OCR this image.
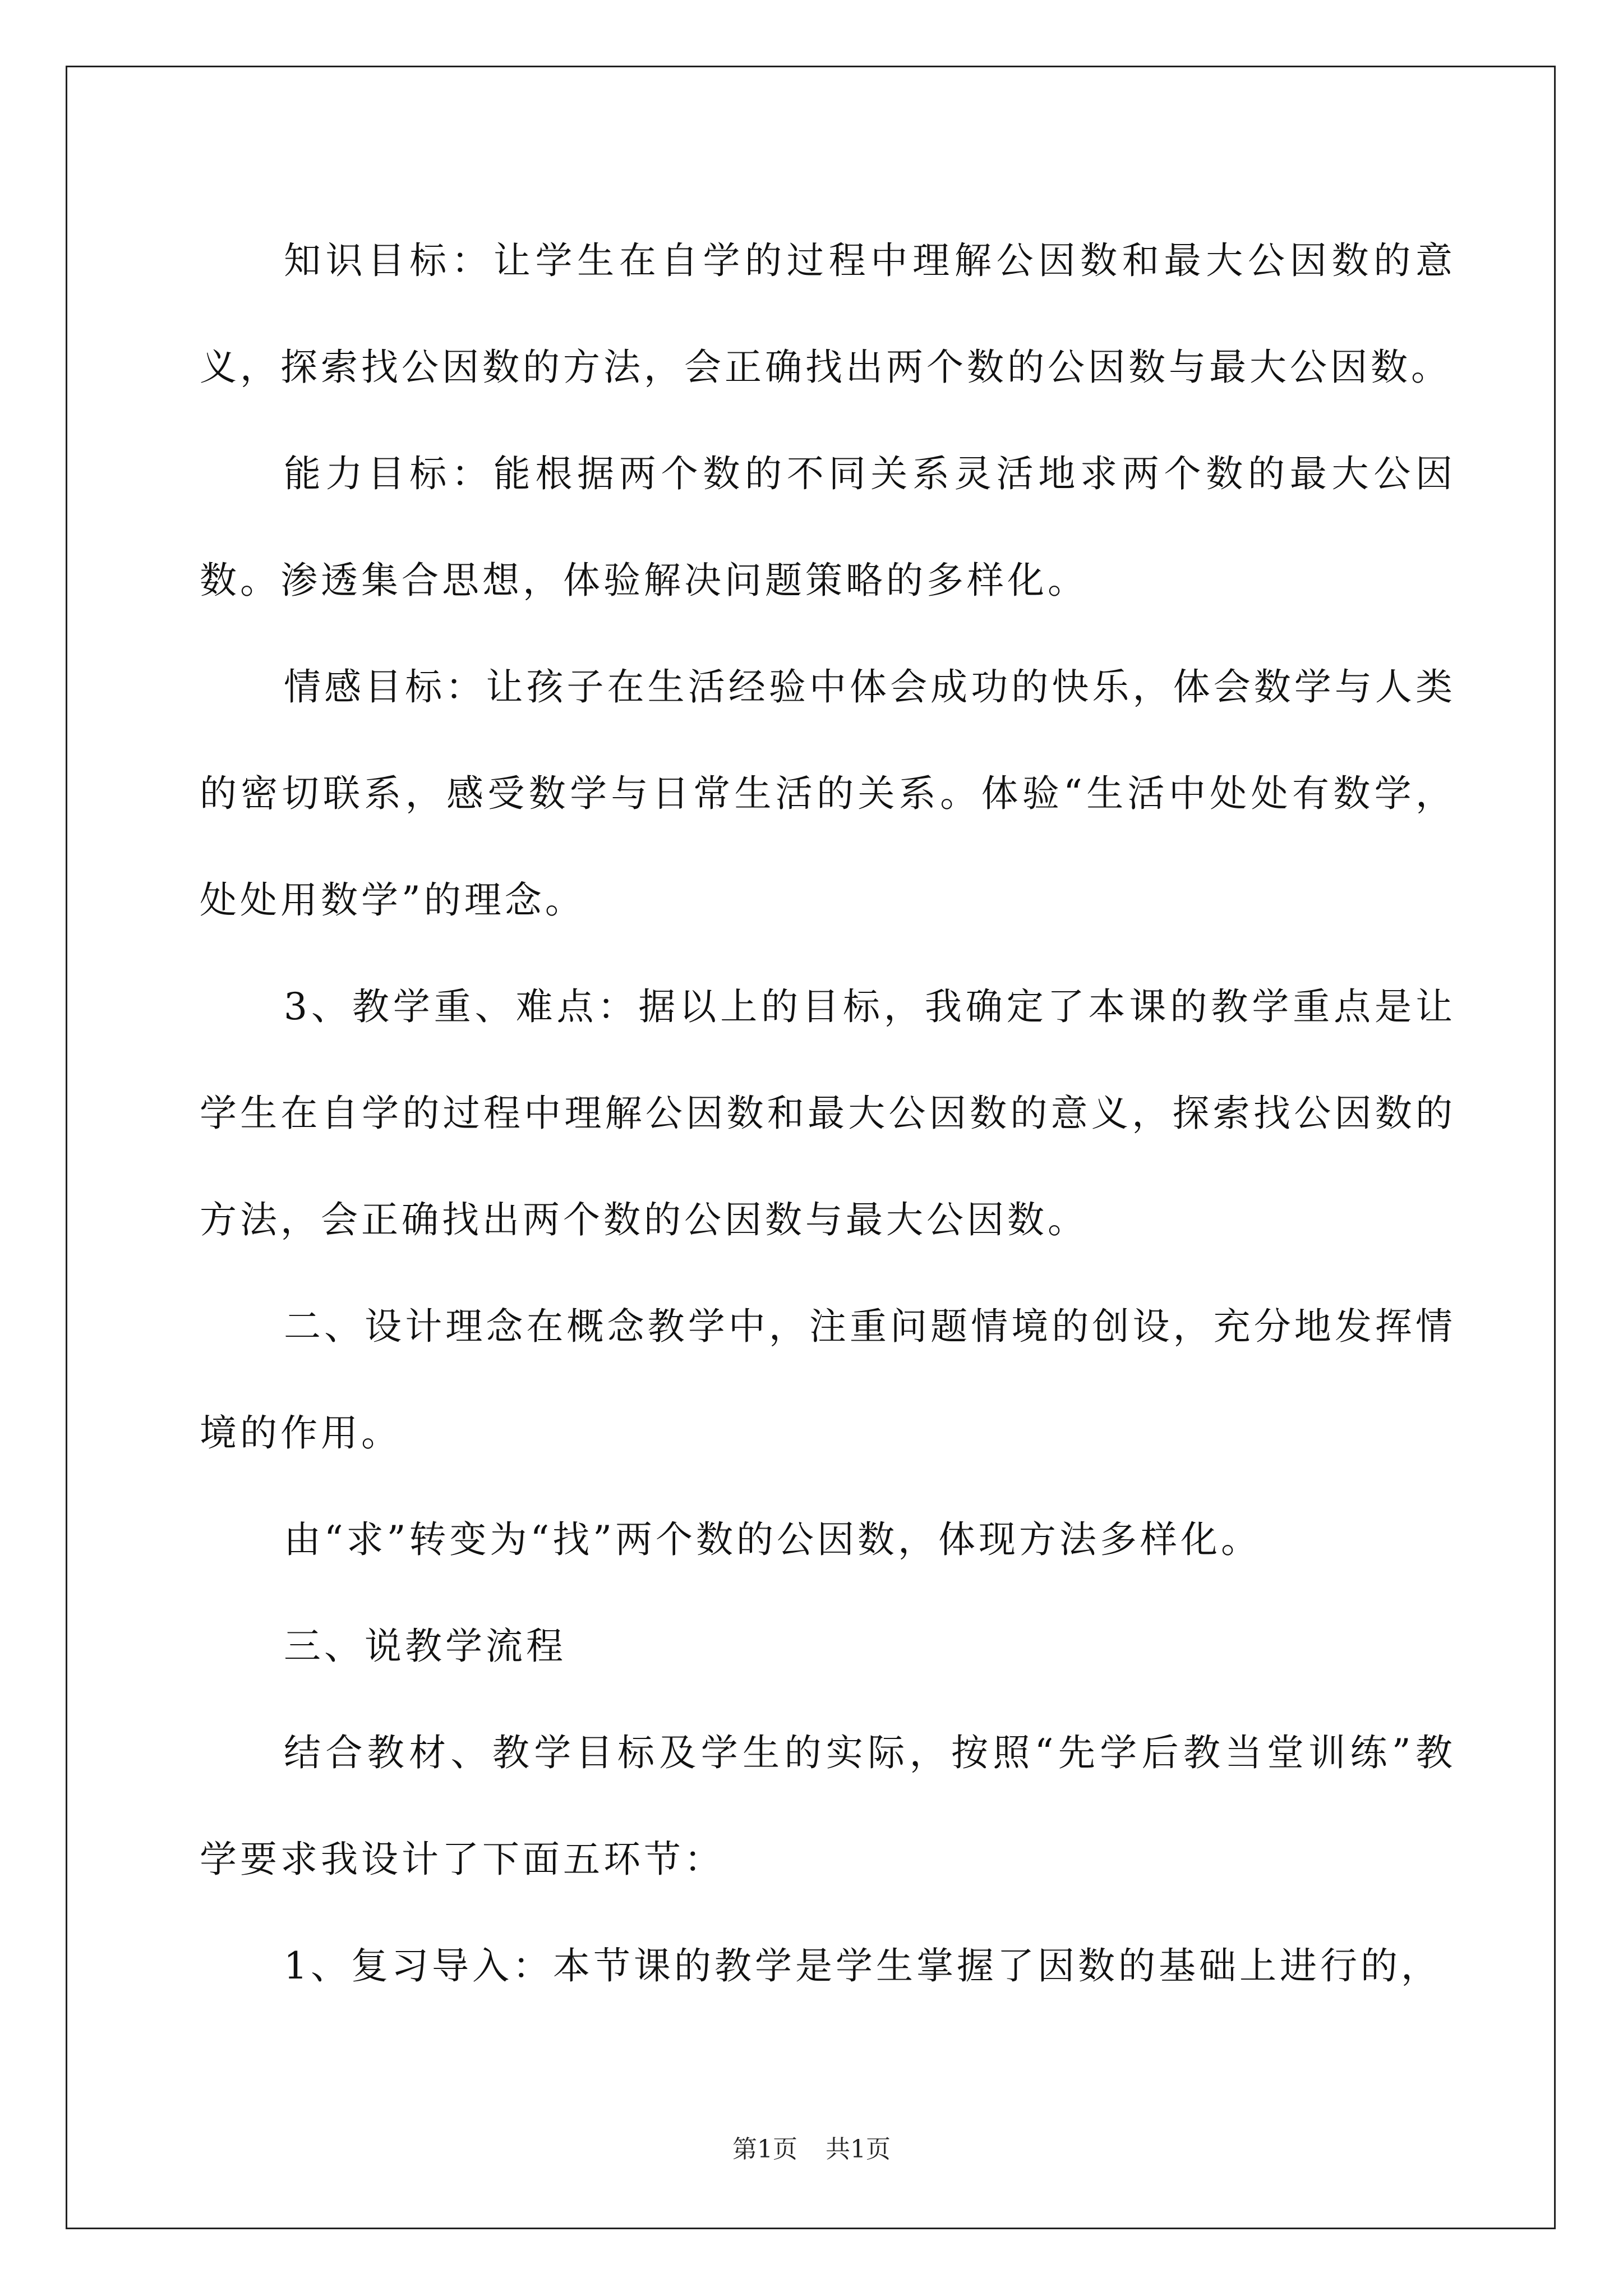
知识目标：让学生在自学的过程中理解公因数和最大公因数的意义，探索找公因数的方法，会正确找出两个数的公因数与最大公因数。

能力目标：能根据两个数的不同关系灵活地求两个数的最大公因数。渗透集合思想，体验解决问题策略的多样化。

情感目标：让孩子在生活经验中体会成功的快乐，体会数学与人类的密切联系，感受数学与日常生活的关系。体验“生活中处处有数学，处处用数学”的理念。

3、教学重、难点：据以上的目标，我确定了本课的教学重点是让学生在自学的过程中理解公因数和最大公因数的意义，探索找公因数的方法，会正确找出两个数的公因数与最大公因数。

二、设计理念在概念教学中，注重问题情境的创设，充分地发挥情境的作用。

由“求”转变为“找”两个数的公因数，体现方法多样化。

三、说教学流程

结合教材、教学目标及学生的实际，按照“先学后教当堂训练”教学要求我设计了下面五环节：

1、复习导入：本节课的教学是学生掌握了因数的基础上进行的，

第1页 共1页
